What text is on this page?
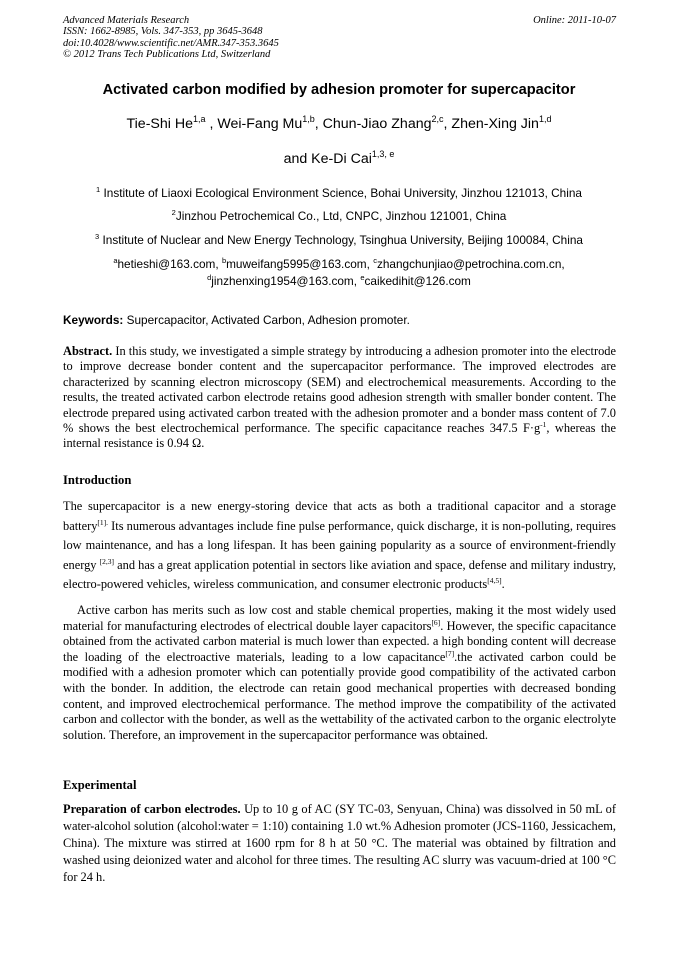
Advanced Materials Research
ISSN: 1662-8985, Vols. 347-353, pp 3645-3648
doi:10.4028/www.scientific.net/AMR.347-353.3645
© 2012 Trans Tech Publications Ltd, Switzerland
Online: 2011-10-07
Activated carbon modified by adhesion promoter for supercapacitor
Tie-Shi He$^{1,a}$ , Wei-Fang Mu$^{1,b}$, Chun-Jiao Zhang$^{2,c}$, Zhen-Xing Jin$^{1,d}$
and Ke-Di Cai$^{1,3, e}$
$^1$ Institute of Liaoxi Ecological Environment Science, Bohai University, Jinzhou 121013, China
$^2$Jinzhou Petrochemical Co., Ltd, CNPC, Jinzhou 121001, China
$^3$ Institute of Nuclear and New Energy Technology, Tsinghua University, Beijing 100084, China
$^a$hetieshi@163.com, $^b$muweifang5995@163.com, $^c$zhangchunjiao@petrochina.com.cn,
$^d$jinzhenxing1954@163.com, $^e$caikedihit@126.com
Keywords: Supercapacitor, Activated Carbon, Adhesion promoter.
Abstract. In this study, we investigated a simple strategy by introducing a adhesion promoter into the electrode to improve decrease bonder content and the supercapacitor performance. The improved electrodes are characterized by scanning electron microscopy (SEM) and electrochemical measurements. According to the results, the treated activated carbon electrode retains good adhesion strength with smaller bonder content. The electrode prepared using activated carbon treated with the adhesion promoter and a bonder mass content of 7.0 % shows the best electrochemical performance. The specific capacitance reaches 347.5 $F\cdot g^{-1}$, whereas the internal resistance is 0.94 Ω.
Introduction
The supercapacitor is a new energy-storing device that acts as both a traditional capacitor and a storage battery$^{[1].}$ Its numerous advantages include fine pulse performance, quick discharge, it is non-polluting, requires low maintenance, and has a long lifespan. It has been gaining popularity as a source of environment-friendly energy [2,3] and has a great application potential in sectors like aviation and space, defense and military industry, electro-powered vehicles, wireless communication, and consumer electronic products[4,5].
Active carbon has merits such as low cost and stable chemical properties, making it the most widely used material for manufacturing electrodes of electrical double layer capacitors[6]. However, the specific capacitance obtained from the activated carbon material is much lower than expected. a high bonding content will decrease the loading of the electroactive materials, leading to a low capacitance[7].the activated carbon could be modified with a adhesion promoter which can potentially provide good compatibility of the activated carbon with the bonder. In addition, the electrode can retain good mechanical properties with decreased bonding content, and improved electrochemical performance. The method improve the compatibility of the activated carbon and collector with the bonder, as well as the wettability of the activated carbon to the organic electrolyte solution. Therefore, an improvement in the supercapacitor performance was obtained.
Experimental
Preparation of carbon electrodes. Up to 10 g of AC (SY TC-03, Senyuan, China) was dissolved in 50 mL of water-alcohol solution (alcohol:water = 1:10) containing 1.0 wt.% Adhesion promoter (JCS-1160, Jessicachem, China). The mixture was stirred at 1600 rpm for 8 h at 50 °C. The material was obtained by filtration and washed using deionized water and alcohol for three times. The resulting AC slurry was vacuum-dried at 100 °C for 24 h.
